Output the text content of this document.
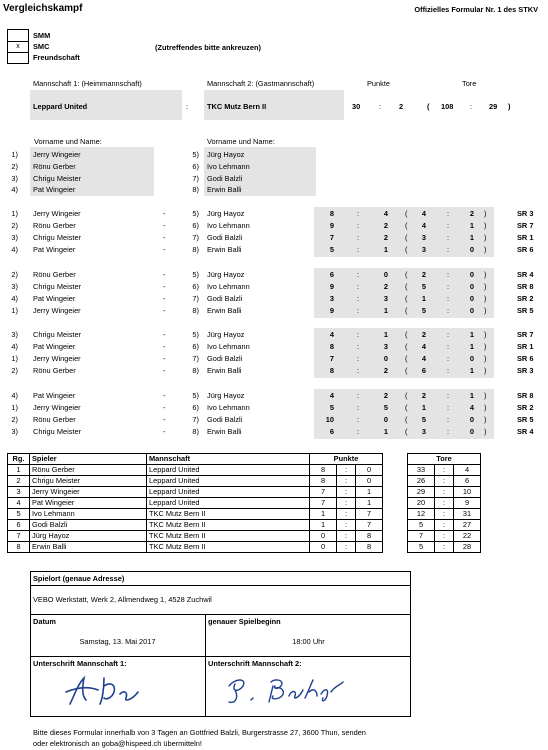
Vergleichskampf	Offizielles Formular Nr. 1 des STKV
SMM
x	SMC
Freundschaft
(Zutreffendes bitte ankreuzen)
Mannschaft 1: (Heimmannschaft)	Mannschaft 2: (Gastmannschaft)	Punkte	Tore
Leppard United	:	TKC Mutz Bern II	30	: 2	( 108 : 29 )
Vorname und Name:	Vorname und Name:
1) Jerry Wingeier
2) Rönu Gerber
3) Chrigu Meister
4) Pat Wingeier
5) Jürg Hayoz
6) Ivo Lehmann
7) Godi Balzli
8) Erwin Balli
1) Jerry Wingeier	-	5) Jürg Hayoz	8	:	4 (	4	:	2 )	SR 3
2) Rönu Gerber	-	6) Ivo Lehmann	9	:	2 (	4	:	1 )	SR 7
3) Chrigu Meister	-	7) Godi Balzli	7	:	2 (	3	:	1 )	SR 1
4) Pat Wingeier	-	8) Erwin Balli	5	:	1 (	3	:	0 )	SR 6
2) Rönu Gerber	-	5) Jürg Hayoz	6	:	0 (	2	:	0 )	SR 4
3) Chrigu Meister	-	6) Ivo Lehmann	9	:	2 (	5	:	0 )	SR 8
4) Pat Wingeier	-	7) Godi Balzli	3	:	3 (	1	:	0 )	SR 2
1) Jerry Wingeier	-	8) Erwin Balli	9	:	1 (	5	:	0 )	SR 5
3) Chrigu Meister	-	5) Jürg Hayoz	4	:	1 (	2	:	1 )	SR 7
4) Pat Wingeier	-	6) Ivo Lehmann	8	:	3 (	4	:	1 )	SR 1
1) Jerry Wingeier	-	7) Godi Balzli	7	:	0 (	4	:	0 )	SR 6
2) Rönu Gerber	-	8) Erwin Balli	8	:	2 (	6	:	1 )	SR 3
4) Pat Wingeier	-	5) Jürg Hayoz	4	:	2 (	2	:	1 )	SR 8
1) Jerry Wingeier	-	6) Ivo Lehmann	5	:	5 (	1	:	4 )	SR 2
2) Rönu Gerber	-	7) Godi Balzli	10	:	0 (	5	:	0 )	SR 5
3) Chrigu Meister	-	8) Erwin Balli	6	:	1 (	3	:	0 )	SR 4
Rg.	Spieler	Mannschaft	Punkte				Tore		
1	Rönu Gerber	Leppard United	8	:	0		33	:	4
2	Chrigu Meister	Leppard United	8	:	0		26	:	6
3	Jerry Wingeier	Leppard United	7	:	1		29	:	10
4	Pat Wingeier	Leppard United	7	:	1		20	:	9
5	Ivo Lehmann	TKC Mutz Bern II	1	:	7		12	:	31
6	Godi Balzli	TKC Mutz Bern II	1	:	7		5	:	27
7	Jürg Hayoz	TKC Mutz Bern II	0	:	8		7	:	22
8	Erwin Balli	TKC Mutz Bern II	0	:	8		5	:	28
Spielort (genaue Adresse)
VEBO Werkstatt, Werk 2, Allmendweg 1, 4528 Zuchwil
Datum	genauer Spielbeginn
Samstag, 13. Mai 2017	18:00 Uhr
Unterschrift Mannschaft 1:	Unterschrift Mannschaft 2:
Bitte dieses Formular innerhalb von 3 Tagen an Gottfried Balzli, Burgerstrasse 27, 3600 Thun, senden
oder elektronisch an goba@hispeed.ch übermitteln!
